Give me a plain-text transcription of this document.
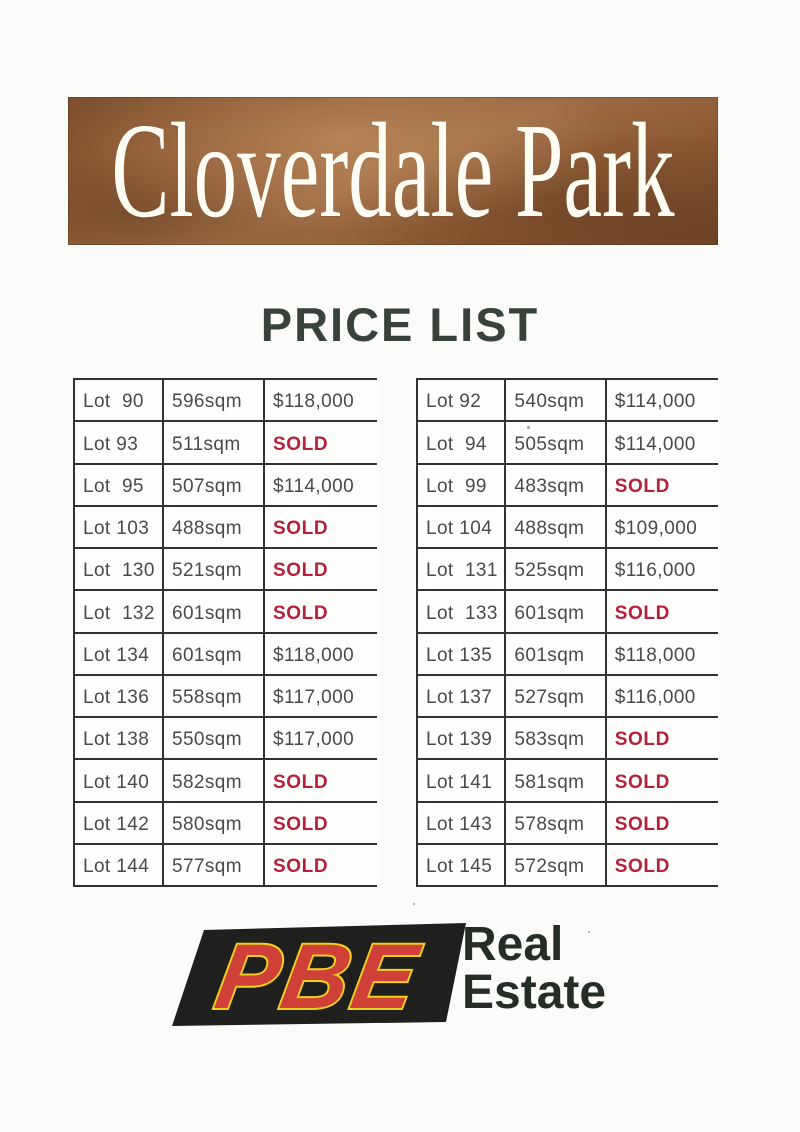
Cloverdale Park
PRICE LIST
Lot  90	596sqm	$118,000
Lot 93	511sqm	SOLD
Lot  95	507sqm	$114,000
Lot 103	488sqm	SOLD
Lot  130 521sqm	SOLD
Lot  132 601sqm	SOLD
Lot 134	601sqm	$118,000
Lot 136	558sqm	$117,000
Lot 138	550sqm	$117,000
Lot 140	582sqm	SOLD
Lot 142	580sqm	SOLD
Lot 144	577sqm	SOLD
Lot 92	540sqm	$114,000
Lot  94	505sqm	$114,000
Lot  99	483sqm	SOLD
Lot 104	488sqm	$109,000
Lot  131 525sqm	$116,000
Lot  133 601sqm	SOLD
Lot 135	601sqm	$118,000
Lot 137	527sqm	$116,000
Lot 139	583sqm	SOLD
Lot 141	581sqm	SOLD
Lot 143	578sqm	SOLD
Lot 145	572sqm	SOLD
PBE Real
Estate
